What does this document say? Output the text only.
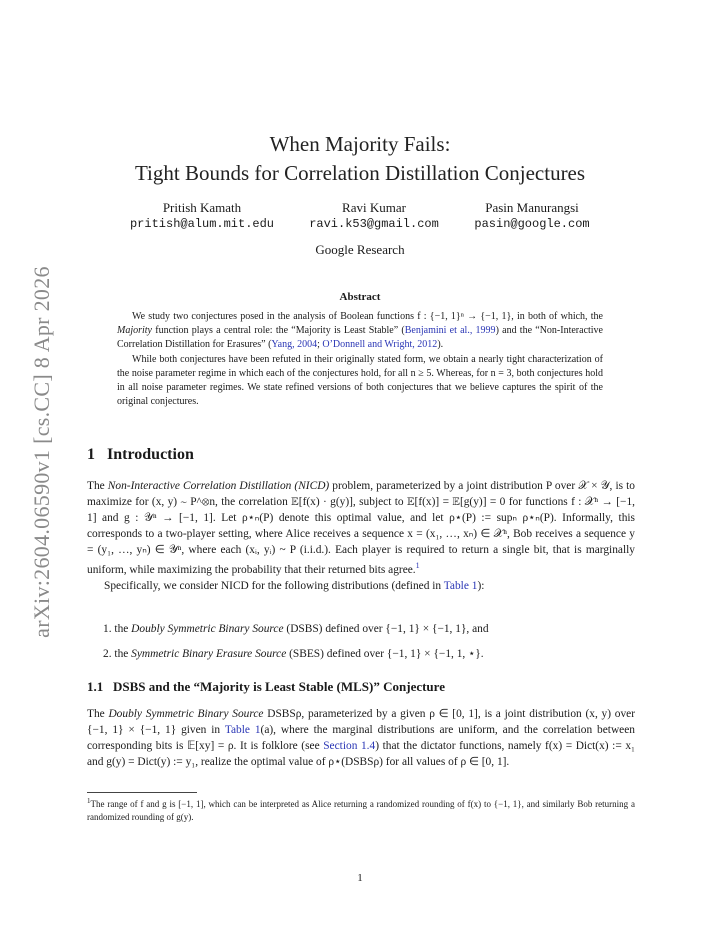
arXiv:2604.06590v1 [cs.CC] 8 Apr 2026
When Majority Fails:
Tight Bounds for Correlation Distillation Conjectures
Pritish Kamath
pritish@alum.mit.edu
Ravi Kumar
ravi.k53@gmail.com
Pasin Manurangsi
pasin@google.com
Google Research
Abstract

We study two conjectures posed in the analysis of Boolean functions f : {−1, 1}ⁿ → {−1, 1}, in both of which, the Majority function plays a central role: the “Majority is Least Stable” (Benjamini et al., 1999) and the “Non-Interactive Correlation Distillation for Erasures” (Yang, 2004; O’Donnell and Wright, 2012).

While both conjectures have been refuted in their originally stated form, we obtain a nearly tight characterization of the noise parameter regime in which each of the conjectures hold, for all n ≥ 5. Whereas, for n = 3, both conjectures hold in all noise parameter regimes. We state refined versions of both conjectures that we believe captures the spirit of the original conjectures.

1 Introduction

The Non-Interactive Correlation Distillation (NICD) problem, parameterized by a joint distribution P over 𝒳 × 𝒴, is to maximize for (x, y) ∼ P^⊗n, the correlation 𝔼[f(x) · g(y)], subject to 𝔼[f(x)] = 𝔼[g(y)] = 0 for functions f : 𝒳ⁿ → [−1, 1] and g : 𝒴ⁿ → [−1, 1]. Let ρ⋆ₙ(P) denote this optimal value, and let ρ⋆(P) := supₙ ρ⋆ₙ(P). Informally, this corresponds to a two-player setting, where Alice receives a sequence x = (x₁, …, xₙ) ∈ 𝒳ⁿ, Bob receives a sequence y = (y₁, …, yₙ) ∈ 𝒴ⁿ, where each (xᵢ, yᵢ) ~ P (i.i.d.). Each player is required to return a single bit, that is marginally uniform, while maximizing the probability that their returned bits agree.$^1$

Specifically, we consider NICD for the following distributions (defined in Table 1):

1. the Doubly Symmetric Binary Source (DSBS) defined over {−1, 1} × {−1, 1}, and
2. the Symmetric Binary Erasure Source (SBES) defined over {−1, 1} × {−1, 1, ⋆}.
1.1 DSBS and the “Majority is Least Stable (MLS)” Conjecture

The Doubly Symmetric Binary Source DSBSρ, parameterized by a given ρ ∈ [0, 1], is a joint distribution (x, y) over {−1, 1} × {−1, 1} given in Table 1(a), where the marginal distributions are uniform, and the correlation between corresponding bits is 𝔼[xy] = ρ. It is folklore (see Section 1.4) that the dictator functions, namely f(x) = Dict(x) := x₁ and g(y) = Dict(y) := y₁, realize the optimal value of ρ⋆(DSBSρ) for all values of ρ ∈ [0, 1].

$^1$The range of f and g is [−1, 1], which can be interpreted as Alice returning a randomized rounding of f(x) to {−1, 1}, and similarly Bob returning a randomized rounding of g(y).
1
